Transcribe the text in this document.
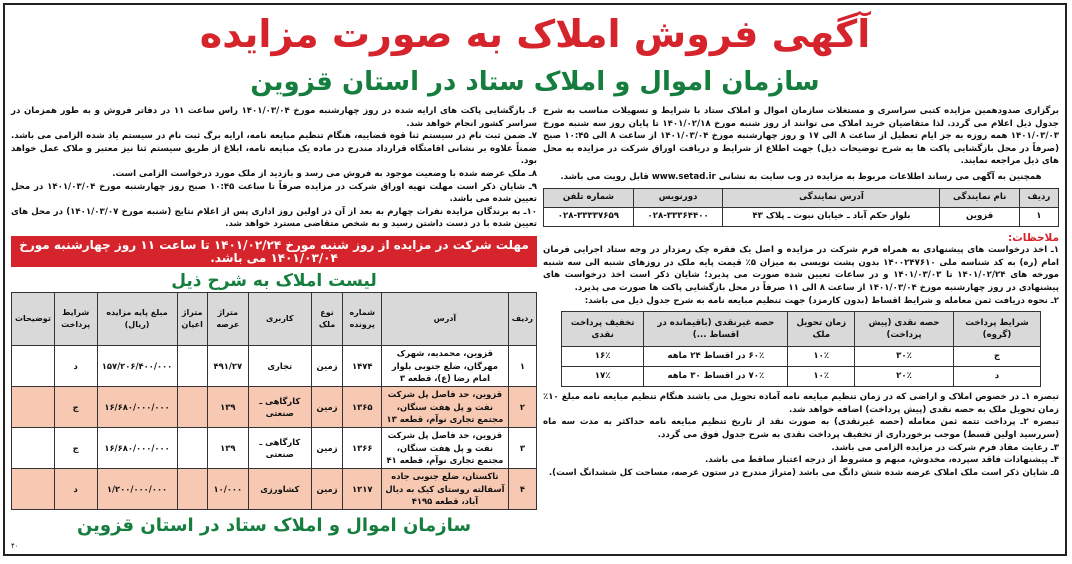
آگهی فروش املاک به صورت مزایده
سازمان اموال و املاک ستاد در استان قزوین

برگزاری صدودهمین مزایده کتبی سراسری و مستغلات سازمان اموال و املاک ستاد با شرایط و تسهیلات مناسب به شرح جدول ذیل اعلام می گردد. لذا متقاضیان خرید املاک می توانند از روز شنبه مورخ ۱۴۰۱/۰۲/۱۸ تا پایان روز سه شنبه مورخ ۱۴۰۱/۰۳/۰۳ همه روزه به جز ایام تعطیل از ساعت ۸ الی ۱۷ و روز چهارشنبه مورخ ۱۴۰۱/۰۳/۰۴ از ساعت ۸ الی ۱۰:۴۵ صبح (صرفاً در محل بازگشایی پاکت ها به شرح توضیحات ذیل) جهت اطلاع از شرایط و دریافت اوراق شرکت در مزایده به محل های ذیل مراجعه نمایند.

همچنین به آگهی می رساند اطلاعات مربوط به مزایده در وب سایت به نشانی www.setad.ir قابل رویت می باشد.

ردیف	نام نمایندگی	آدرس نمایندگی	دورنویس	شماره تلفن
۱	قزوین	بلوار حکم آباد ـ خیابان نبوت ـ پلاک ۴۳	۰۲۸-۳۳۳۶۴۴۰۰	۰۲۸-۳۳۳۳۷۶۵۹

ملاحظات:

۱ـ اخذ درخواست های پیشنهادی به همراه فرم شرکت در مزایده و اصل یک فقره چک رمزدار در وجه ستاد اجرایی فرمان امام (ره) به کد شناسه ملی ۱۴۰۰۲۴۷۶۱۰ بدون پشت نویسی به میزان ۵٪ قیمت پایه ملک در روزهای شنبه الی سه شنبه مورخه های ۱۴۰۱/۰۲/۲۴ تا ۱۴۰۱/۰۳/۰۳ و در ساعات تعیین شده صورت می پذیرد؛ شایان ذکر است اخذ درخواست های پیشنهادی در روز چهارشنبه مورخ ۱۴۰۱/۰۳/۰۴ از ساعت ۸ الی ۱۱ صرفاً در محل بازگشایی پاکت ها صورت می پذیرد.

۲ـ نحوه دریافت ثمن معامله و شرایط اقساط (بدون کارمزد) جهت تنظیم مبایعه نامه به شرح جدول ذیل می باشد:

شرایط پرداخت (گروه)	حصه نقدی (پیش پرداخت)	زمان تحویل ملک	حصه غیرنقدی (باقیمانده در اقساط ...)	تخفیف پرداخت نقدی
ج	۳۰٪	۱۰٪	۶۰٪ در اقساط ۲۴ ماهه	۱۶٪
د	۲۰٪	۱۰٪	۷۰٪ در اقساط ۳۰ ماهه	۱۷٪

تبصره ۱ـ در خصوص املاک و اراضی که در زمان تنظیم مبایعه نامه آماده تحویل می باشند هنگام تنظیم مبایعه نامه مبلغ ۱۰٪ زمان تحویل ملک به حصه نقدی (پیش پرداخت) اضافه خواهد شد.

تبصره ۲ـ پرداخت تتمه ثمن معامله (حصه غیرنقدی) به صورت نقد از تاریخ تنظیم مبایعه نامه حداکثر به مدت سه ماه (سررسید اولین قسط) موجب برخورداری از تخفیف پرداخت نقدی به شرح جدول فوق می گردد.

۳ـ رعایت مفاد فرم شرکت در مزایده الزامی می باشد.

۴ـ پیشنهادات فاقد سپرده، مخدوش، مبهم و مشروط از درجه اعتبار ساقط می باشد.

۵ـ شایان ذکر است ملک املاک عرضه شده شش دانگ می باشد (متراژ مندرج در ستون عرصه، مساحت کل ششدانگ است).

۶ـ بازگشایی پاکت های ارایه شده در روز چهارشنبه مورخ ۱۴۰۱/۰۳/۰۴ راس ساعت ۱۱ در دفاتر فروش و به طور همزمان در سراسر کشور انجام خواهد شد.

۷ـ ضمن ثبت نام در سیستم ثنا قوه قضاییه، هنگام تنظیم مبایعه نامه، ارایه برگ ثبت نام در سیستم یاد شده الزامی می باشد. ضمناً علاوه بر نشانی اقامتگاه قرارداد مندرج در ماده یک مبایعه نامه، ابلاغ از طریق سیستم ثنا نیز معتبر و ملاک عمل خواهد بود.

۸ـ ملک عرضه شده با وضعیت موجود به فروش می رسد و بازدید از ملک مورد درخواست الزامی است.

۹ـ شایان ذکر است مهلت تهیه اوراق شرکت در مزایده صرفاً تا ساعت ۱۰:۴۵ صبح روز چهارشنبه مورخ ۱۴۰۱/۰۳/۰۴ در محل تعیین شده می باشد.

۱۰ـ به برندگان مزایده نفرات چهارم به بعد از آن در اولین روز اداری پس از اعلام نتایج (شنبه مورخ ۱۴۰۱/۰۳/۰۷) در محل های تعیین شده با در دست داشتن رسید و به شخص متقاضی مسترد خواهد شد.

مهلت شرکت در مزایده از روز شنبه مورخ ۱۴۰۱/۰۲/۲۴ تا ساعت ۱۱ روز چهارشنبه مورخ ۱۴۰۱/۰۳/۰۴ می باشد.
لیست املاک به شرح ذیل
ردیف	آدرس	شماره پرونده	نوع ملک	کاربری	متراژ عرصه	متراژ اعیان	مبلغ پایه مزایده (ریال)	شرایط پرداخت	توضیحات
۱	قزوین، محمدیه، شهرک مهرگان، ضلع جنوبی بلوار امام رضا (ع)، قطعه ۳	۱۴۷۴	زمین	تجاری	۴۹۱/۲۷		۱۵۷/۲۰۶/۴۰۰/۰۰۰	د	
۲	قزوین، حد فاصل پل شرکت نفت و پل هفت سنگان، مجتمع تجاری نوآم، قطعه ۱۳	۱۳۶۵	زمین	کارگاهی ـ صنعتی	۱۳۹		۱۶/۶۸۰/۰۰۰/۰۰۰	ج	
۳	قزوین، حد فاصل پل شرکت نفت و پل هفت سنگان، مجتمع تجاری نوآم، قطعه ۴۱	۱۳۶۶	زمین	کارگاهی ـ صنعتی	۱۳۹		۱۶/۶۸۰/۰۰۰/۰۰۰	ج	
۴	تاکستان، ضلع جنوبی جاده آسفالته روستای کیک به دیال آباد، قطعه ۴۱۹۵	۱۲۱۷	زمین	کشاورزی	۱۰/۰۰۰		۱/۲۰۰/۰۰۰/۰۰۰	د	
سازمان اموال و املاک ستاد در استان قزوین
۴۰
